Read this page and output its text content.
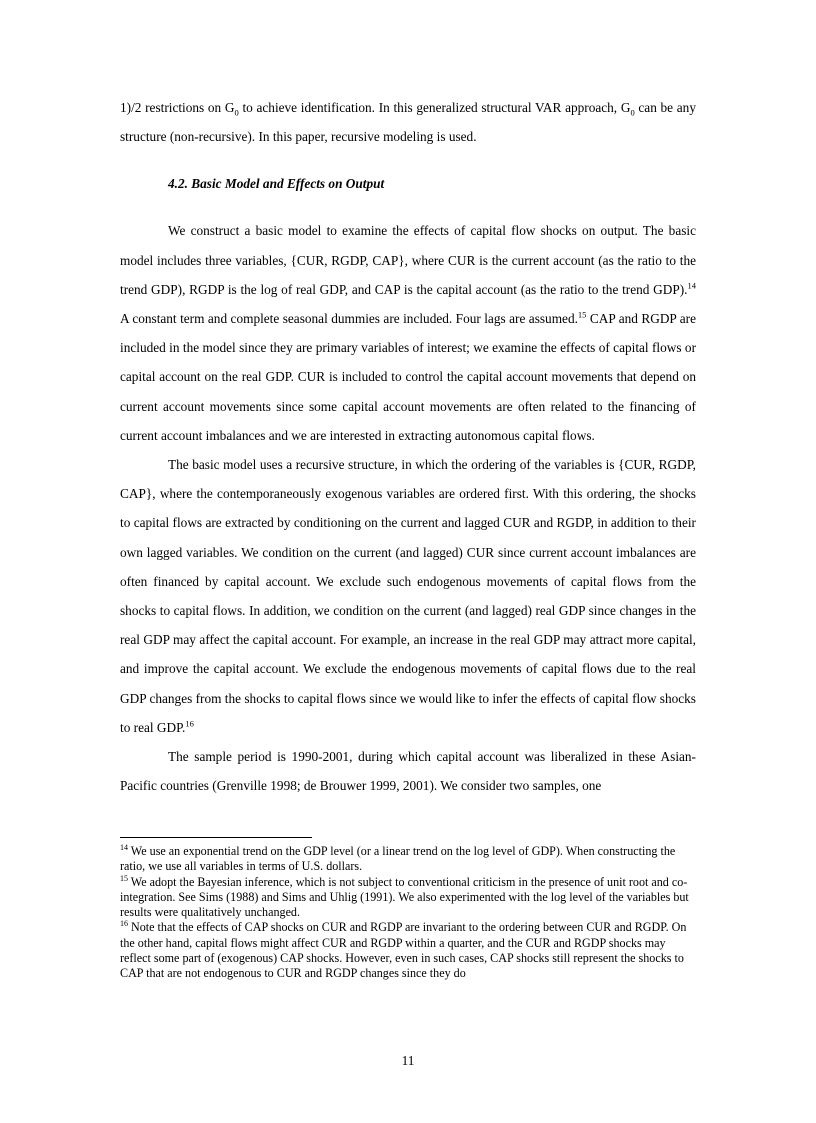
1)/2 restrictions on $G_0$ to achieve identification. In this generalized structural VAR approach, $G_0$ can be any structure (non-recursive). In this paper, recursive modeling is used.

4.2. Basic Model and Effects on Output

We construct a basic model to examine the effects of capital flow shocks on output. The basic model includes three variables, {CUR, RGDP, CAP}, where CUR is the current account (as the ratio to the trend GDP), RGDP is the log of real GDP, and CAP is the capital account (as the ratio to the trend GDP).$^{14}$ A constant term and complete seasonal dummies are included. Four lags are assumed.$^{15}$ CAP and RGDP are included in the model since they are primary variables of interest; we examine the effects of capital flows or capital account on the real GDP. CUR is included to control the capital account movements that depend on current account movements since some capital account movements are often related to the financing of current account imbalances and we are interested in extracting autonomous capital flows.

The basic model uses a recursive structure, in which the ordering of the variables is {CUR, RGDP, CAP}, where the contemporaneously exogenous variables are ordered first. With this ordering, the shocks to capital flows are extracted by conditioning on the current and lagged CUR and RGDP, in addition to their own lagged variables. We condition on the current (and lagged) CUR since current account imbalances are often financed by capital account. We exclude such endogenous movements of capital flows from the shocks to capital flows. In addition, we condition on the current (and lagged) real GDP since changes in the real GDP may affect the capital account. For example, an increase in the real GDP may attract more capital, and improve the capital account. We exclude the endogenous movements of capital flows due to the real GDP changes from the shocks to capital flows since we would like to infer the effects of capital flow shocks to real GDP.$^{16}$

The sample period is 1990-2001, during which capital account was liberalized in these Asian-Pacific countries (Grenville 1998; de Brouwer 1999, 2001). We consider two samples, one

$^{14}$ We use an exponential trend on the GDP level (or a linear trend on the log level of GDP). When constructing the ratio, we use all variables in terms of U.S. dollars.

$^{15}$ We adopt the Bayesian inference, which is not subject to conventional criticism in the presence of unit root and co-integration. See Sims (1988) and Sims and Uhlig (1991). We also experimented with the log level of the variables but results were qualitatively unchanged.

$^{16}$ Note that the effects of CAP shocks on CUR and RGDP are invariant to the ordering between CUR and RGDP. On the other hand, capital flows might affect CUR and RGDP within a quarter, and the CUR and RGDP shocks may reflect some part of (exogenous) CAP shocks. However, even in such cases, CAP shocks still represent the shocks to CAP that are not endogenous to CUR and RGDP changes since they do

11
